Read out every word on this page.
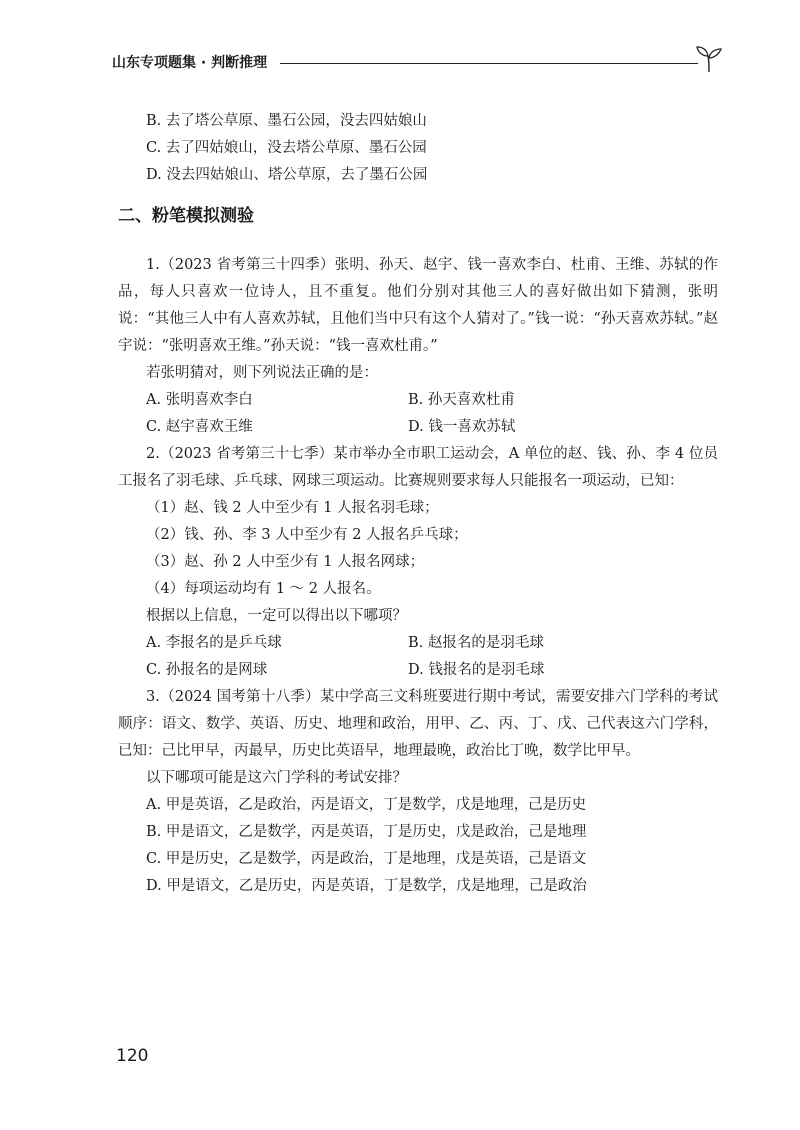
山东专项题集 · 判断推理
B. 去了塔公草原、墨石公园，没去四姑娘山
C. 去了四姑娘山，没去塔公草原、墨石公园
D. 没去四姑娘山、塔公草原，去了墨石公园
二、粉笔模拟测验
1.（2023 省考第三十四季）张明、孙天、赵宇、钱一喜欢李白、杜甫、王维、苏轼的作品，每人只喜欢一位诗人，且不重复。他们分别对其他三人的喜好做出如下猜测，张明说：“其他三人中有人喜欢苏轼，且他们当中只有这个人猜对了。”钱一说：“孙天喜欢苏轼。”赵宇说：“张明喜欢王维。”孙天说：“钱一喜欢杜甫。”
若张明猜对，则下列说法正确的是：
A. 张明喜欢李白	B. 孙天喜欢杜甫
C. 赵宇喜欢王维	D. 钱一喜欢苏轼
2.（2023 省考第三十七季）某市举办全市职工运动会，A 单位的赵、钱、孙、李 4 位员工报名了羽毛球、乒乓球、网球三项运动。比赛规则要求每人只能报名一项运动，已知：
（1）赵、钱 2 人中至少有 1 人报名羽毛球；
（2）钱、孙、李 3 人中至少有 2 人报名乒乓球；
（3）赵、孙 2 人中至少有 1 人报名网球；
（4）每项运动均有 1 ～ 2 人报名。
根据以上信息，一定可以得出以下哪项？
A. 李报名的是乒乓球	B. 赵报名的是羽毛球
C. 孙报名的是网球	D. 钱报名的是羽毛球
3.（2024 国考第十八季）某中学高三文科班要进行期中考试，需要安排六门学科的考试顺序：语文、数学、英语、历史、地理和政治，用甲、乙、丙、丁、戊、己代表这六门学科，已知：己比甲早，丙最早，历史比英语早，地理最晚，政治比丁晚，数学比甲早。
以下哪项可能是这六门学科的考试安排？
A. 甲是英语，乙是政治，丙是语文，丁是数学，戊是地理，己是历史
B. 甲是语文，乙是数学，丙是英语，丁是历史，戊是政治，己是地理
C. 甲是历史，乙是数学，丙是政治，丁是地理，戊是英语，己是语文
D. 甲是语文，乙是历史，丙是英语，丁是数学，戊是地理，己是政治
120
